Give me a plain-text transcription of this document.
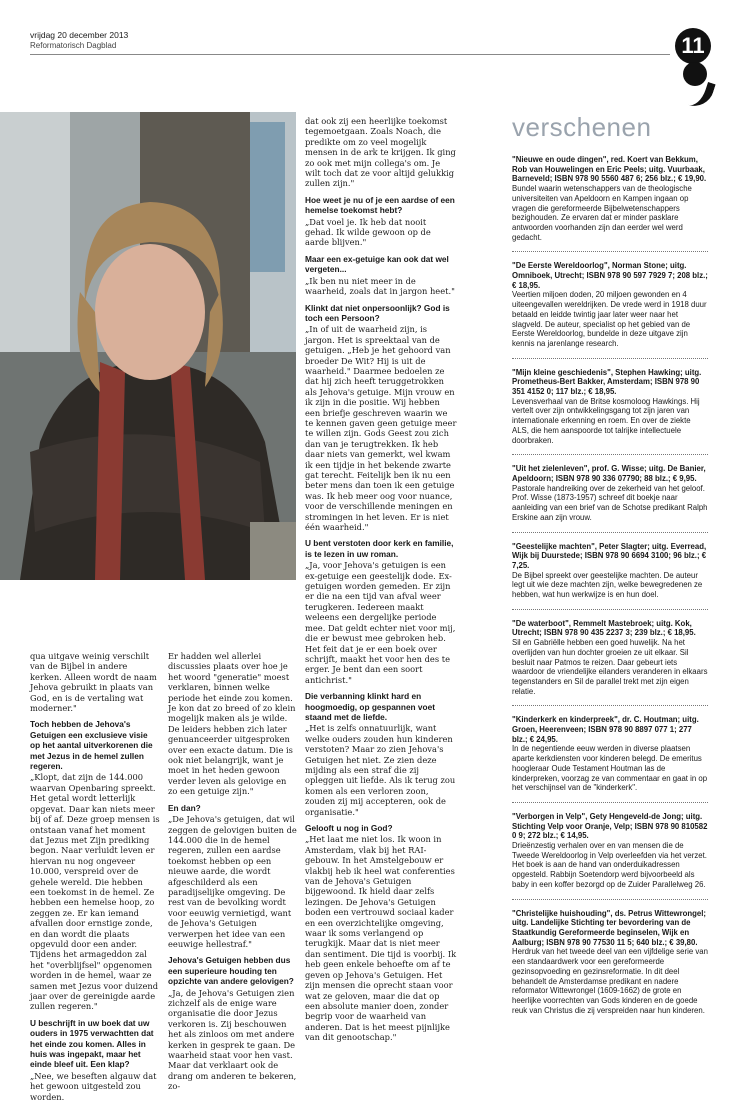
vrijdag 20 december 2013
Reformatorisch Dagblad	11

qua uitgave weinig verschilt van de Bijbel in andere kerken. Alleen wordt de naam Jehova gebruikt in plaats van God, en is de vertaling wat moderner."

Toch hebben de Jehova's Getuigen een exclusieve visie op het aantal uitverkorenen die met Jezus in de hemel zullen regeren.

„Klopt, dat zijn de 144.000 waarvan Openbaring spreekt. Het getal wordt letterlijk opgevat. Daar kan niets meer bij of af. Deze groep mensen is ontstaan vanaf het moment dat Jezus met Zijn prediking begon. Naar verluidt leven er hiervan nu nog ongeveer 10.000, verspreid over de gehele wereld. Die hebben een toekomst in de hemel. Ze hebben een hemelse hoop, zo zeggen ze. Er kan iemand afvallen door ernstige zonde, en dan wordt die plaats opgevuld door een ander. Tijdens het armageddon zal het "overblijfsel" opgenomen worden in de hemel, waar ze samen met Jezus voor duizend jaar over de gereinigde aarde zullen regeren."

U beschrijft in uw boek dat uw ouders in 1975 verwachtten dat het einde zou komen. Alles in huis was ingepakt, maar het einde bleef uit. Een klap?

„Nee, we beseften algauw dat het gewoon uitgesteld zou worden.

Er hadden wel allerlei discussies plaats over hoe je het woord "generatie" moest verklaren, binnen welke periode het einde zou komen. Je kon dat zo breed of zo klein mogelijk maken als je wilde. De leiders hebben zich later genuanceerder uitgesproken over een exacte datum. Die is ook niet belangrijk, want je moet in het heden gewoon verder leven als gelovige en zo een getuige zijn."

En dan?

„De Jehova's getuigen, dat wil zeggen de gelovigen buiten de 144.000 die in de hemel regeren, zullen een aardse toekomst hebben op een nieuwe aarde, die wordt afgeschilderd als een paradijselijke omgeving. De rest van de bevolking wordt voor eeuwig vernietigd, want de Jehova's Getuigen verwerpen het idee van een eeuwige hellestraf."

Jehova's Getuigen hebben dus een superieure houding ten opzichte van andere gelovigen?

„Ja, de Jehova's Getuigen zien zichzelf als de enige ware organisatie die door Jezus verkoren is. Zij beschouwen het als zinloos om met andere kerken in gesprek te gaan. De waarheid staat voor hen vast. Maar dat verklaart ook de drang om anderen te bekeren, zo-

dat ook zij een heerlijke toekomst tegemoetgaan. Zoals Noach, die predikte om zo veel mogelijk mensen in de ark te krijgen. Ik ging zo ook met mijn collega's om. Je wilt toch dat ze voor altijd gelukkig zullen zijn."

Hoe weet je nu of je een aardse of een hemelse toekomst hebt?

„Dat voel je. Ik heb dat nooit gehad. Ik wilde gewoon op de aarde blijven."

Maar een ex-getuige kan ook dat wel vergeten...

„Ik ben nu niet meer in de waarheid, zoals dat in jargon heet."

Klinkt dat niet onpersoonlijk? God is toch een Persoon?

„In of uit de waarheid zijn, is jargon. Het is spreektaal van de getuigen. „Heb je het gehoord van broeder De Wit? Hij is uit de waarheid." Daarmee bedoelen ze dat hij zich heeft teruggetrokken als Jehova's getuige. Mijn vrouw en ik zijn in die positie. Wij hebben een briefje geschreven waarin we te kennen gaven geen getuige meer te willen zijn. Gods Geest zou zich dan van je terugtrekken. Ik heb daar niets van gemerkt, wel kwam ik een tijdje in het bekende zwarte gat terecht. Feitelijk ben ik nu een beter mens dan toen ik een getuige was. Ik heb meer oog voor nuance, voor de verschillende meningen en stromingen in het leven. Er is niet één waarheid."

U bent verstoten door kerk en familie, is te lezen in uw roman.

„Ja, voor Jehova's getuigen is een ex-getuige een geestelijk dode. Ex-getuigen worden gemeden. Er zijn er die na een tijd van afval weer terugkeren. Iedereen maakt weleens een dergelijke periode mee. Dat geldt echter niet voor mij, die er bewust mee gebroken heb. Het feit dat je er een boek over schrijft, maakt het voor hen des te erger. Je bent dan een soort antichrist."

Die verbanning klinkt hard en hoogmoedig, op gespannen voet staand met de liefde.

„Het is zelfs onnatuurlijk, want welke ouders zouden hun kinderen verstoten? Maar zo zien Jehova's Getuigen het niet. Ze zien deze mijding als een straf die zij opleggen uit liefde. Als ik terug zou komen als een verloren zoon, zouden zij mij accepteren, ook de organisatie."

Gelooft u nog in God?

„Het laat me niet los. Ik woon in Amsterdam, vlak bij het RAI-gebouw. In het Amstelgebouw er vlakbij heb ik heel wat conferenties van de Jehova's Getuigen bijgewoond. Ik hield daar zelfs lezingen. De Jehova's Getuigen boden een vertrouwd sociaal kader en een overzichtelijke omgeving, waar ik soms verlangend op terugkijk. Maar dat is niet meer dan sentiment. Die tijd is voorbij. Ik heb geen enkele behoefte om af te geven op Jehova's Getuigen. Het zijn mensen die oprecht staan voor wat ze geloven, maar die dat op een absolute manier doen, zonder begrip voor de waarheid van anderen. Dat is het meest pijnlijke van dit genootschap."

verschenen
"Nieuwe en oude dingen", red. Koert van Bekkum, Rob van Houwelingen en Eric Peels; uitg. Vuurbaak, Barneveld; ISBN 978 90 5560 487 6; 256 blz.; € 19,90.
Bundel waarin wetenschappers van de theologische universiteiten van Apeldoorn en Kampen ingaan op vragen die gereformeerde Bijbelwetenschappers bezighouden. Ze ervaren dat er minder pasklare antwoorden voorhanden zijn dan eerder wel werd gedacht.
"De Eerste Wereldoorlog", Norman Stone; uitg. Omniboek, Utrecht; ISBN 978 90 597 7929 7; 208 blz.; € 18,95.
Veertien miljoen doden, 20 miljoen gewonden en 4 uiteengevallen wereldrijken. De vrede werd in 1918 duur betaald en leidde twintig jaar later weer naar het slagveld. De auteur, specialist op het gebied van de Eerste Wereldoorlog, bundelde in deze uitgave zijn kennis na jarenlange research.
"Mijn kleine geschiedenis", Stephen Hawking; uitg. Prometheus-Bert Bakker, Amsterdam; ISBN 978 90 351 4152 0; 117 blz.; € 18,95.
Levensverhaal van de Britse kosmoloog Hawkings. Hij vertelt over zijn ontwikkelingsgang tot zijn jaren van internationale erkenning en roem. En over de ziekte ALS, die hem aanspoorde tot talrijke intellectuele doorbraken.
"Uit het zielenleven", prof. G. Wisse; uitg. De Banier, Apeldoorn; ISBN 978 90 336 07790; 88 blz.; € 9,95.
Pastorale handreiking over de zekerheid van het geloof. Prof. Wisse (1873-1957) schreef dit boekje naar aanleiding van een brief van de Schotse predikant Ralph Erskine aan zijn vrouw.
"Geestelijke machten", Peter Slagter; uitg. Everread, Wijk bij Duurstede; ISBN 978 90 6694 3100; 96 blz.; € 7,25.
De Bijbel spreekt over geestelijke machten. De auteur legt uit wie deze machten zijn, welke bewegredenen ze hebben, wat hun werkwijze is en hun doel.
"De waterboot", Remmelt Mastebroek; uitg. Kok, Utrecht; ISBN 978 90 435 2237 3; 239 blz.; € 18,95.
Sil en Gabriëlle hebben een goed huwelijk. Na het overlijden van hun dochter groeien ze uit elkaar. Sil besluit naar Patmos te reizen. Daar gebeurt iets waardoor de vriendelijke eilanders veranderen in elkaars tegenstanders en Sil de parallel trekt met zijn eigen relatie.
"Kinderkerk en kinderpreek", dr. C. Houtman; uitg. Groen, Heerenveen; ISBN 978 90 8897 077 1; 277 blz.; € 24,95.
In de negentiende eeuw werden in diverse plaatsen aparte kerkdiensten voor kinderen belegd. De emeritus hoogleraar Oude Testament Houtman las de kinderpreken, voorzag ze van commentaar en gaat in op het verschijnsel van de "kinderkerk".
"Verborgen in Velp", Gety Hengeveld-de Jong; uitg. Stichting Velp voor Oranje, Velp; ISBN 978 90 810582 0 9; 272 blz.; € 14,95.
Drieënzestig verhalen over en van mensen die de Tweede Wereldoorlog in Velp overleefden via het verzet. Het boek is aan de hand van onderduikadressen opgesteld. Rabbijn Soetendorp werd bijvoorbeeld als baby in een koffer bezorgd op de Zuider Parallelweg 26.
"Christelijke huishouding", ds. Petrus Wittewrongel; uitg. Landelijke Stichting ter bevordering van de Staatkundig Gereformeerde beginselen, Wijk en Aalburg; ISBN 978 90 77530 11 5; 640 blz.; € 39,80.
Herdruk van het tweede deel van een vijfdelige serie van een standaardwerk voor een gereformeerde gezinsopvoeding en gezinsreformatie. In dit deel behandelt de Amsterdamse predikant en nadere reformator Wittewrongel (1609-1662) de grote en heerlijke voorrechten van Gods kinderen en de goede reuk van Christus die zij verspreiden naar hun kinderen.
